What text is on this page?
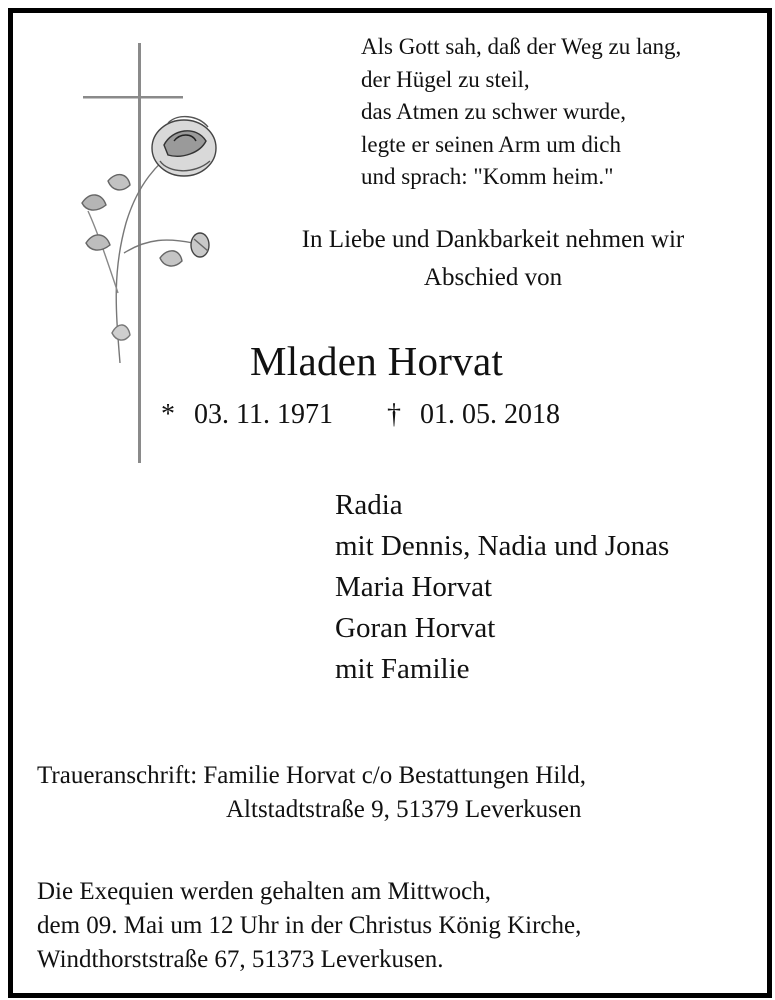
Als Gott sah, daß der Weg zu lang,
der Hügel zu steil,
das Atmen zu schwer wurde,
legte er seinen Arm um dich
und sprach: "Komm heim."
In Liebe und Dankbarkeit nehmen wir
Abschied von
Mladen Horvat
* 03. 11. 1971 † 01. 05. 2018
Radia
mit Dennis, Nadia und Jonas
Maria Horvat
Goran Horvat
mit Familie
Traueranschrift: Familie Horvat c/o Bestattungen Hild,
Altstadtstraße 9, 51379 Leverkusen
Die Exequien werden gehalten am Mittwoch,
dem 09. Mai um 12 Uhr in der Christus König Kirche,
Windthorststraße 67, 51373 Leverkusen.
